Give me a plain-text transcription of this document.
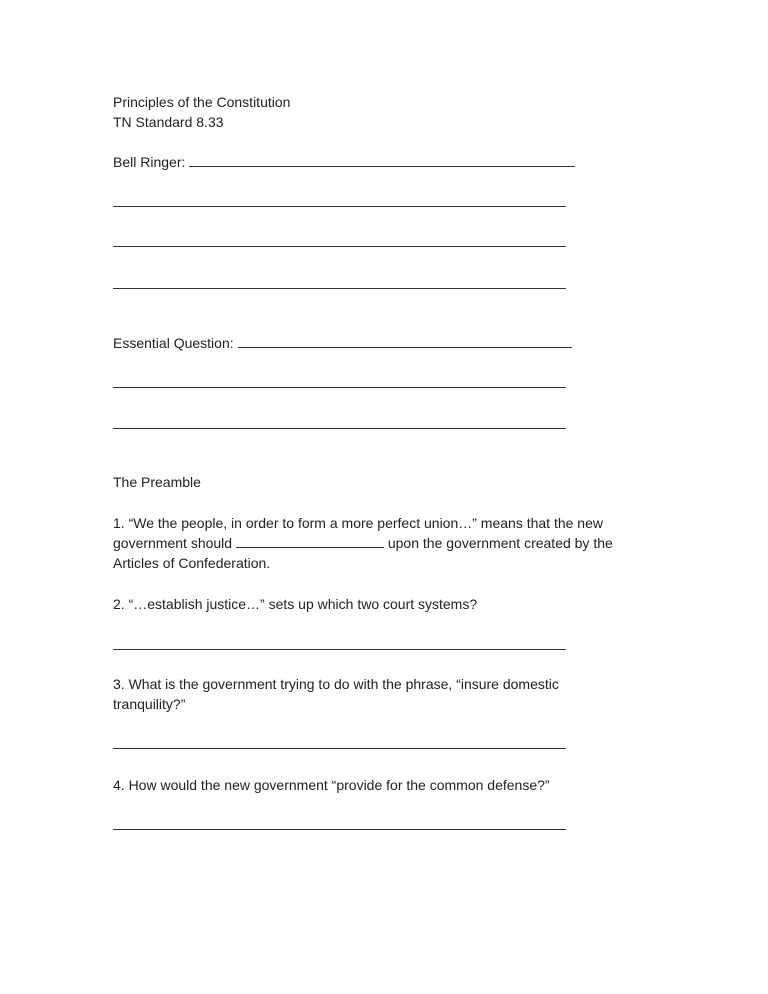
Principles of the Constitution
TN Standard 8.33
Bell Ringer:
Essential Question:
The Preamble
1. “We the people, in order to form a more perfect union…” means that the new
government should	upon the government created by the
Articles of Confederation.
2. “…establish justice…” sets up which two court systems?
3. What is the government trying to do with the phrase, “insure domestic
tranquility?”
4. How would the new government “provide for the common defense?”
